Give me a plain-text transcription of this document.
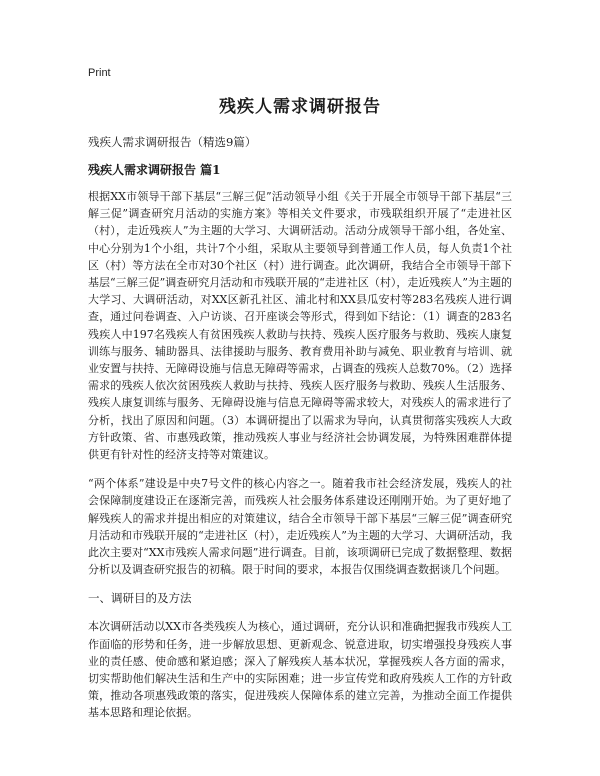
Print
残疾人需求调研报告
残疾人需求调研报告（精选9篇）
残疾人需求调研报告 篇1

根据XX市领导干部下基层“三解三促”活动领导小组《关于开展全市领导干部下基层“三解三促”调查研究月活动的实施方案》等相关文件要求，市残联组织开展了“走进社区（村），走近残疾人”为主题的大学习、大调研活动。活动分成领导干部小组，各处室、中心分别为1个小组，共计7个小组，采取从主要领导到普通工作人员，每人负责1个社区（村）等方法在全市对30个社区（村）进行调查。此次调研，我结合全市领导干部下基层“三解三促”调查研究月活动和市残联开展的“走进社区（村），走近残疾人”为主题的大学习、大调研活动，对XX区新孔社区、浦北村和XX县瓜安村等283名残疾人进行调查，通过问卷调查、入户访谈、召开座谈会等形式，得到如下结论：（1）调查的283名残疾人中197名残疾人有贫困残疾人救助与扶持、残疾人医疗服务与救助、残疾人康复训练与服务、辅助器具、法律援助与服务、教育费用补助与减免、职业教育与培训、就业安置与扶持、无障碍设施与信息无障碍等需求，占调查的残疾人总数70%。（2）选择需求的残疾人依次贫困残疾人救助与扶持、残疾人医疗服务与救助、残疾人生活服务、残疾人康复训练与服务、无障碍设施与信息无障碍等需求较大，对残疾人的需求进行了分析，找出了原因和问题。（3）本调研提出了以需求为导向，认真贯彻落实残疾人大政方针政策、省、市惠残政策，推动残疾人事业与经济社会协调发展，为特殊困难群体提供更有针对性的经济支持等对策建议。

“两个体系”建设是中央7号文件的核心内容之一。随着我市社会经济发展，残疾人的社会保障制度建设正在逐渐完善，而残疾人社会服务体系建设还刚刚开始。为了更好地了解残疾人的需求并提出相应的对策建议，结合全市领导干部下基层“三解三促”调查研究月活动和市残联开展的“走进社区（村），走近残疾人”为主题的大学习、大调研活动，我此次主要对“XX市残疾人需求问题”进行调查。目前，该项调研已完成了数据整理、数据分析以及调查研究报告的初稿。限于时间的要求，本报告仅围绕调查数据谈几个问题。

一、调研目的及方法

本次调研活动以XX市各类残疾人为核心，通过调研，充分认识和准确把握我市残疾人工作面临的形势和任务，进一步解放思想、更新观念、锐意进取，切实增强投身残疾人事业的责任感、使命感和紧迫感；深入了解残疾人基本状况，掌握残疾人各方面的需求，切实帮助他们解决生活和生产中的实际困难；进一步宣传党和政府残疾人工作的方针政策，推动各项惠残政策的落实，促进残疾人保障体系的建立完善，为推动全面工作提供基本思路和理论依据。
